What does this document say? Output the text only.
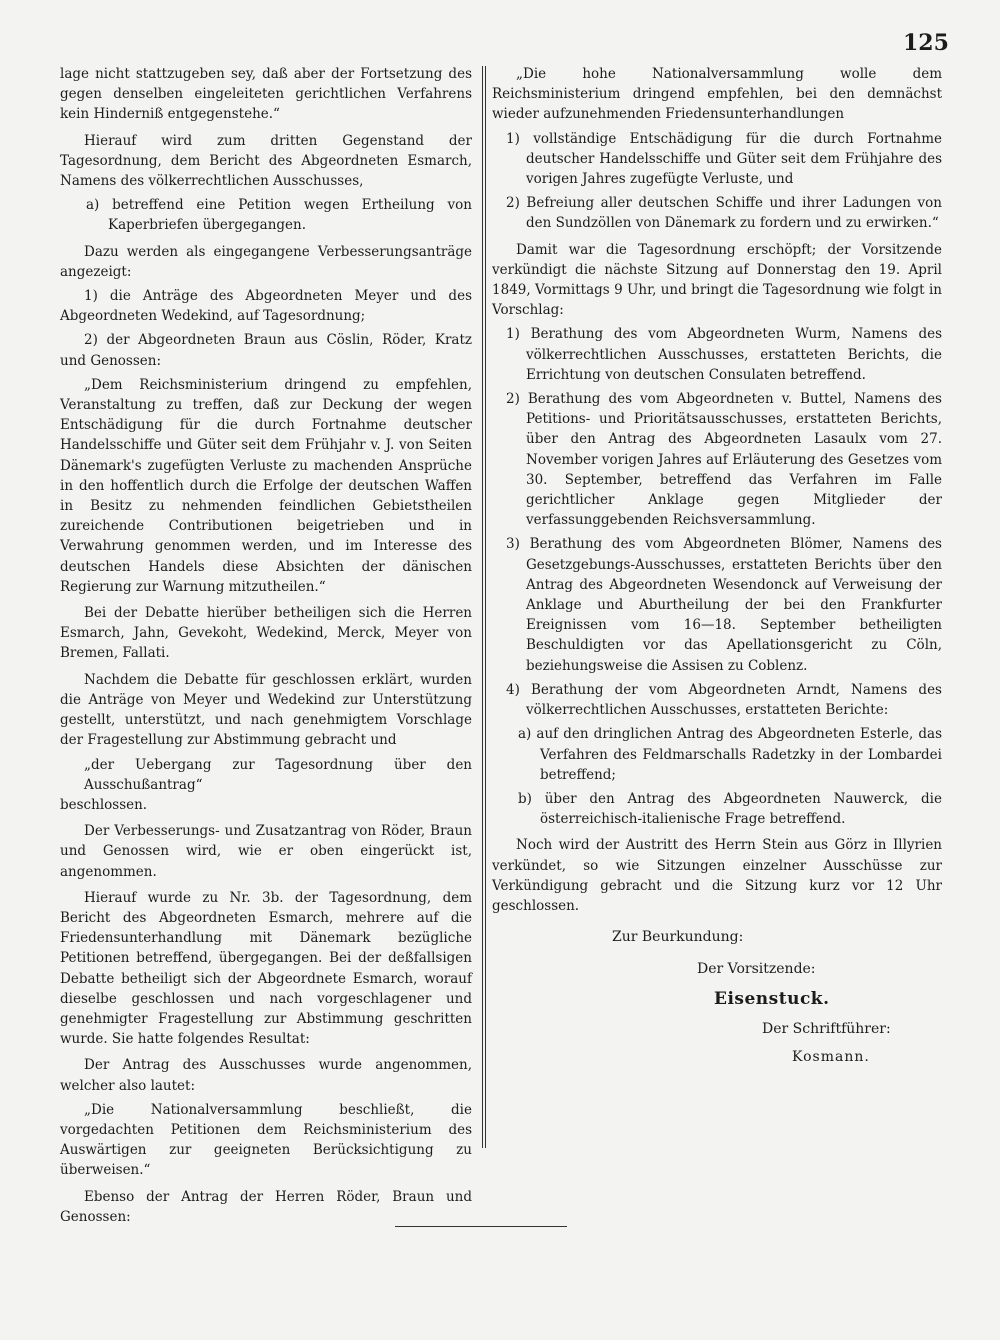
125

lage nicht stattzugeben sey, daß aber der Fortsetzung des gegen denselben eingeleiteten gerichtlichen Verfahrens kein Hinderniß entgegenstehe.“

Hierauf wird zum dritten Gegenstand der Tagesordnung, dem Bericht des Abgeordneten Esmarch, Namens des völkerrechtlichen Ausschusses,

a) betreffend eine Petition wegen Ertheilung von Kaperbriefen übergegangen.

Dazu werden als eingegangene Verbesserungsanträge angezeigt:

1) die Anträge des Abgeordneten Meyer und des Abgeordneten Wedekind, auf Tagesordnung;

2) der Abgeordneten Braun aus Cöslin, Röder, Kratz und Genossen:

„Dem Reichsministerium dringend zu empfehlen, Veranstaltung zu treffen, daß zur Deckung der wegen Entschädigung für die durch Fortnahme deutscher Handelsschiffe und Güter seit dem Frühjahr v. J. von Seiten Dänemark's zugefügten Verluste zu machenden Ansprüche in den hoffentlich durch die Erfolge der deutschen Waffen in Besitz zu nehmenden feindlichen Gebietstheilen zureichende Contributionen beigetrieben und in Verwahrung genommen werden, und im Interesse des deutschen Handels diese Absichten der dänischen Regierung zur Warnung mitzutheilen.“

Bei der Debatte hierüber betheiligen sich die Herren Esmarch, Jahn, Gevekoht, Wedekind, Merck, Meyer von Bremen, Fallati.

Nachdem die Debatte für geschlossen erklärt, wurden die Anträge von Meyer und Wedekind zur Unterstützung gestellt, unterstützt, und nach genehmigtem Vorschlage der Fragestellung zur Abstimmung gebracht und

„der Uebergang zur Tagesordnung über den Ausschußantrag“

beschlossen.

Der Verbesserungs- und Zusatzantrag von Röder, Braun und Genossen wird, wie er oben eingerückt ist, angenommen.

Hierauf wurde zu Nr. 3b. der Tagesordnung, dem Bericht des Abgeordneten Esmarch, mehrere auf die Friedensunterhandlung mit Dänemark bezügliche Petitionen betreffend, übergegangen. Bei der deßfallsigen Debatte betheiligt sich der Abgeordnete Esmarch, worauf dieselbe geschlossen und nach vorgeschlagener und genehmigter Fragestellung zur Abstimmung geschritten wurde. Sie hatte folgendes Resultat:

Der Antrag des Ausschusses wurde angenommen, welcher also lautet:

„Die Nationalversammlung beschließt, die vorgedachten Petitionen dem Reichsministerium des Auswärtigen zur geeigneten Berücksichtigung zu überweisen.“

Ebenso der Antrag der Herren Röder, Braun und Genossen:

„Die hohe Nationalversammlung wolle dem Reichsministerium dringend empfehlen, bei den demnächst wieder aufzunehmenden Friedensunterhandlungen

1) vollständige Entschädigung für die durch Fortnahme deutscher Handelsschiffe und Güter seit dem Frühjahre des vorigen Jahres zugefügte Verluste, und

2) Befreiung aller deutschen Schiffe und ihrer Ladungen von den Sundzöllen von Dänemark zu fordern und zu erwirken.“

Damit war die Tagesordnung erschöpft; der Vorsitzende verkündigt die nächste Sitzung auf Donnerstag den 19. April 1849, Vormittags 9 Uhr, und bringt die Tagesordnung wie folgt in Vorschlag:

1) Berathung des vom Abgeordneten Wurm, Namens des völkerrechtlichen Ausschusses, erstatteten Berichts, die Errichtung von deutschen Consulaten betreffend.

2) Berathung des vom Abgeordneten v. Buttel, Namens des Petitions- und Prioritätsausschusses, erstatteten Berichts, über den Antrag des Abgeordneten Lasaulx vom 27. November vorigen Jahres auf Erläuterung des Gesetzes vom 30. September, betreffend das Verfahren im Falle gerichtlicher Anklage gegen Mitglieder der verfassunggebenden Reichsversammlung.

3) Berathung des vom Abgeordneten Blömer, Namens des Gesetzgebungs-Ausschusses, erstatteten Berichts über den Antrag des Abgeordneten Wesendonck auf Verweisung der Anklage und Aburtheilung der bei den Frankfurter Ereignissen vom 16—18. September betheiligten Beschuldigten vor das Apellationsgericht zu Cöln, beziehungsweise die Assisen zu Coblenz.

4) Berathung der vom Abgeordneten Arndt, Namens des völkerrechtlichen Ausschusses, erstatteten Berichte:

a) auf den dringlichen Antrag des Abgeordneten Esterle, das Verfahren des Feldmarschalls Radetzky in der Lombardei betreffend;

b) über den Antrag des Abgeordneten Nauwerck, die österreichisch-italienische Frage betreffend.

Noch wird der Austritt des Herrn Stein aus Görz in Illyrien verkündet, so wie Sitzungen einzelner Ausschüsse zur Verkündigung gebracht und die Sitzung kurz vor 12 Uhr geschlossen.

Zur Beurkundung:
Der Vorsitzende:
Eisenstuck.
Der Schriftführer:
Kosmann.
